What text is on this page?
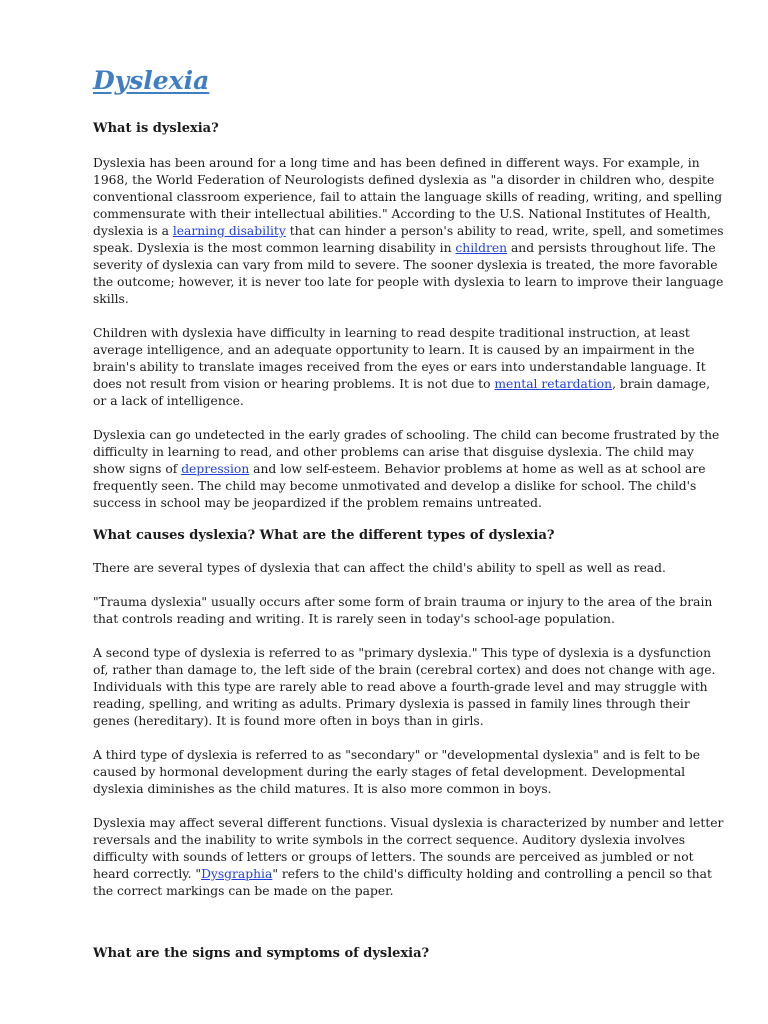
Dyslexia
What is dyslexia?

Dyslexia has been around for a long time and has been defined in different ways. For example, in 1968, the World Federation of Neurologists defined dyslexia as "a disorder in children who, despite conventional classroom experience, fail to attain the language skills of reading, writing, and spelling commensurate with their intellectual abilities." According to the U.S. National Institutes of Health, dyslexia is a learning disability that can hinder a person's ability to read, write, spell, and sometimes speak. Dyslexia is the most common learning disability in children and persists throughout life. The severity of dyslexia can vary from mild to severe. The sooner dyslexia is treated, the more favorable the outcome; however, it is never too late for people with dyslexia to learn to improve their language skills.

Children with dyslexia have difficulty in learning to read despite traditional instruction, at least average intelligence, and an adequate opportunity to learn. It is caused by an impairment in the brain's ability to translate images received from the eyes or ears into understandable language. It does not result from vision or hearing problems. It is not due to mental retardation, brain damage, or a lack of intelligence.

Dyslexia can go undetected in the early grades of schooling. The child can become frustrated by the difficulty in learning to read, and other problems can arise that disguise dyslexia. The child may show signs of depression and low self-esteem. Behavior problems at home as well as at school are frequently seen. The child may become unmotivated and develop a dislike for school. The child's success in school may be jeopardized if the problem remains untreated.

What causes dyslexia? What are the different types of dyslexia?

There are several types of dyslexia that can affect the child's ability to spell as well as read.

"Trauma dyslexia" usually occurs after some form of brain trauma or injury to the area of the brain that controls reading and writing. It is rarely seen in today's school-age population.

A second type of dyslexia is referred to as "primary dyslexia." This type of dyslexia is a dysfunction of, rather than damage to, the left side of the brain (cerebral cortex) and does not change with age. Individuals with this type are rarely able to read above a fourth-grade level and may struggle with reading, spelling, and writing as adults. Primary dyslexia is passed in family lines through their genes (hereditary). It is found more often in boys than in girls.

A third type of dyslexia is referred to as "secondary" or "developmental dyslexia" and is felt to be caused by hormonal development during the early stages of fetal development. Developmental dyslexia diminishes as the child matures. It is also more common in boys.

Dyslexia may affect several different functions. Visual dyslexia is characterized by number and letter reversals and the inability to write symbols in the correct sequence. Auditory dyslexia involves difficulty with sounds of letters or groups of letters. The sounds are perceived as jumbled or not heard correctly. "Dysgraphia" refers to the child's difficulty holding and controlling a pencil so that the correct markings can be made on the paper.

What are the signs and symptoms of dyslexia?
